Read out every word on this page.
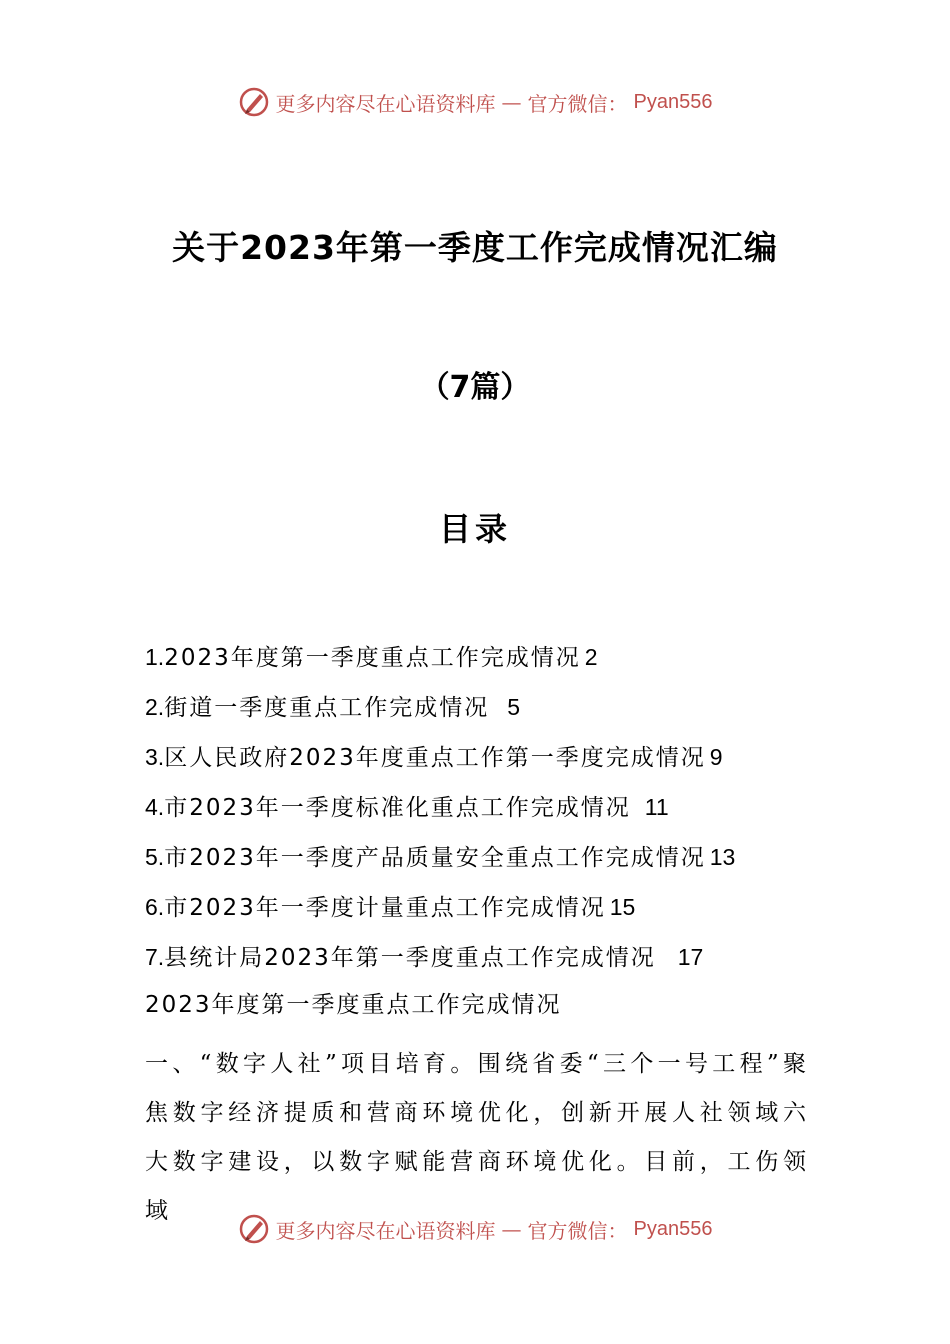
更多内容尽在心语资料库 — 官方微信： Pyan556
关于2023年第一季度工作完成情况汇编
（7篇）
目录
1.2023年度第一季度重点工作完成情况 2
2.街道一季度重点工作完成情况 5
3.区人民政府2023年度重点工作第一季度完成情况 9
4.市2023年一季度标准化重点工作完成情况 11
5.市2023年一季度产品质量安全重点工作完成情况 13
6.市2023年一季度计量重点工作完成情况 15
7.县统计局2023年第一季度重点工作完成情况 17
2023年度第一季度重点工作完成情况
一、“数字人社”项目培育。围绕省委“三个一号工程”聚焦数字经济提质和营商环境优化，创新开展人社领域六大数字建设，以数字赋能营商环境优化。目前，工伤领域
更多内容尽在心语资料库 — 官方微信： Pyan556
